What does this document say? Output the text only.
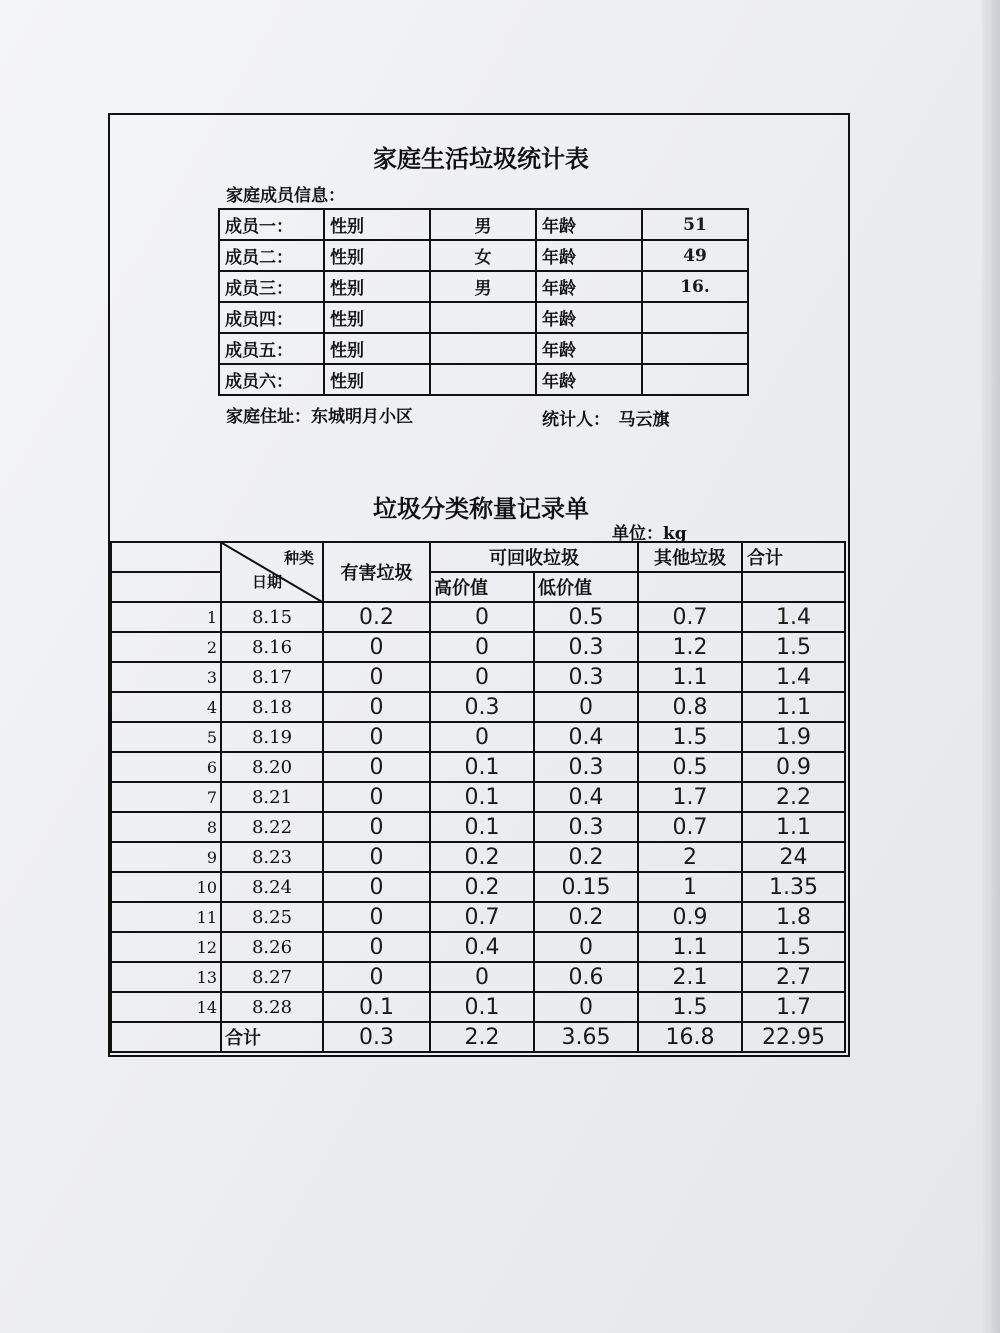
家庭生活垃圾统计表
家庭成员信息：
成员一：	性别	男	年龄	51
成员二：	性别	女	年龄	49
成员三：	性别	男	年龄	16.
成员四：	性别		年龄	
成员五：	性别		年龄	
成员六：	性别		年龄	
家庭住址：东城明月小区	统计人：　马云旗
垃圾分类称量记录单
单位：kg

	种类
日期	有害垃圾	可回收垃圾		其他垃圾	合计
			高价值	低价值		
1	8.15	0.2	0	0.5	0.7	1.4
2	8.16	0	0	0.3	1.2	1.5
3	8.17	0	0	0.3	1.1	1.4
4	8.18	0	0.3	0	0.8	1.1
5	8.19	0	0	0.4	1.5	1.9
6	8.20	0	0.1	0.3	0.5	0.9
7	8.21	0	0.1	0.4	1.7	2.2
8	8.22	0	0.1	0.3	0.7	1.1
9	8.23	0	0.2	0.2	2	24
10	8.24	0	0.2	0.15	1	1.35
11	8.25	0	0.7	0.2	0.9	1.8
12	8.26	0	0.4	0	1.1	1.5
13	8.27	0	0	0.6	2.1	2.7
14	8.28	0.1	0.1	0	1.5	1.7
	合计	0.3	2.2	3.65	16.8	22.95
